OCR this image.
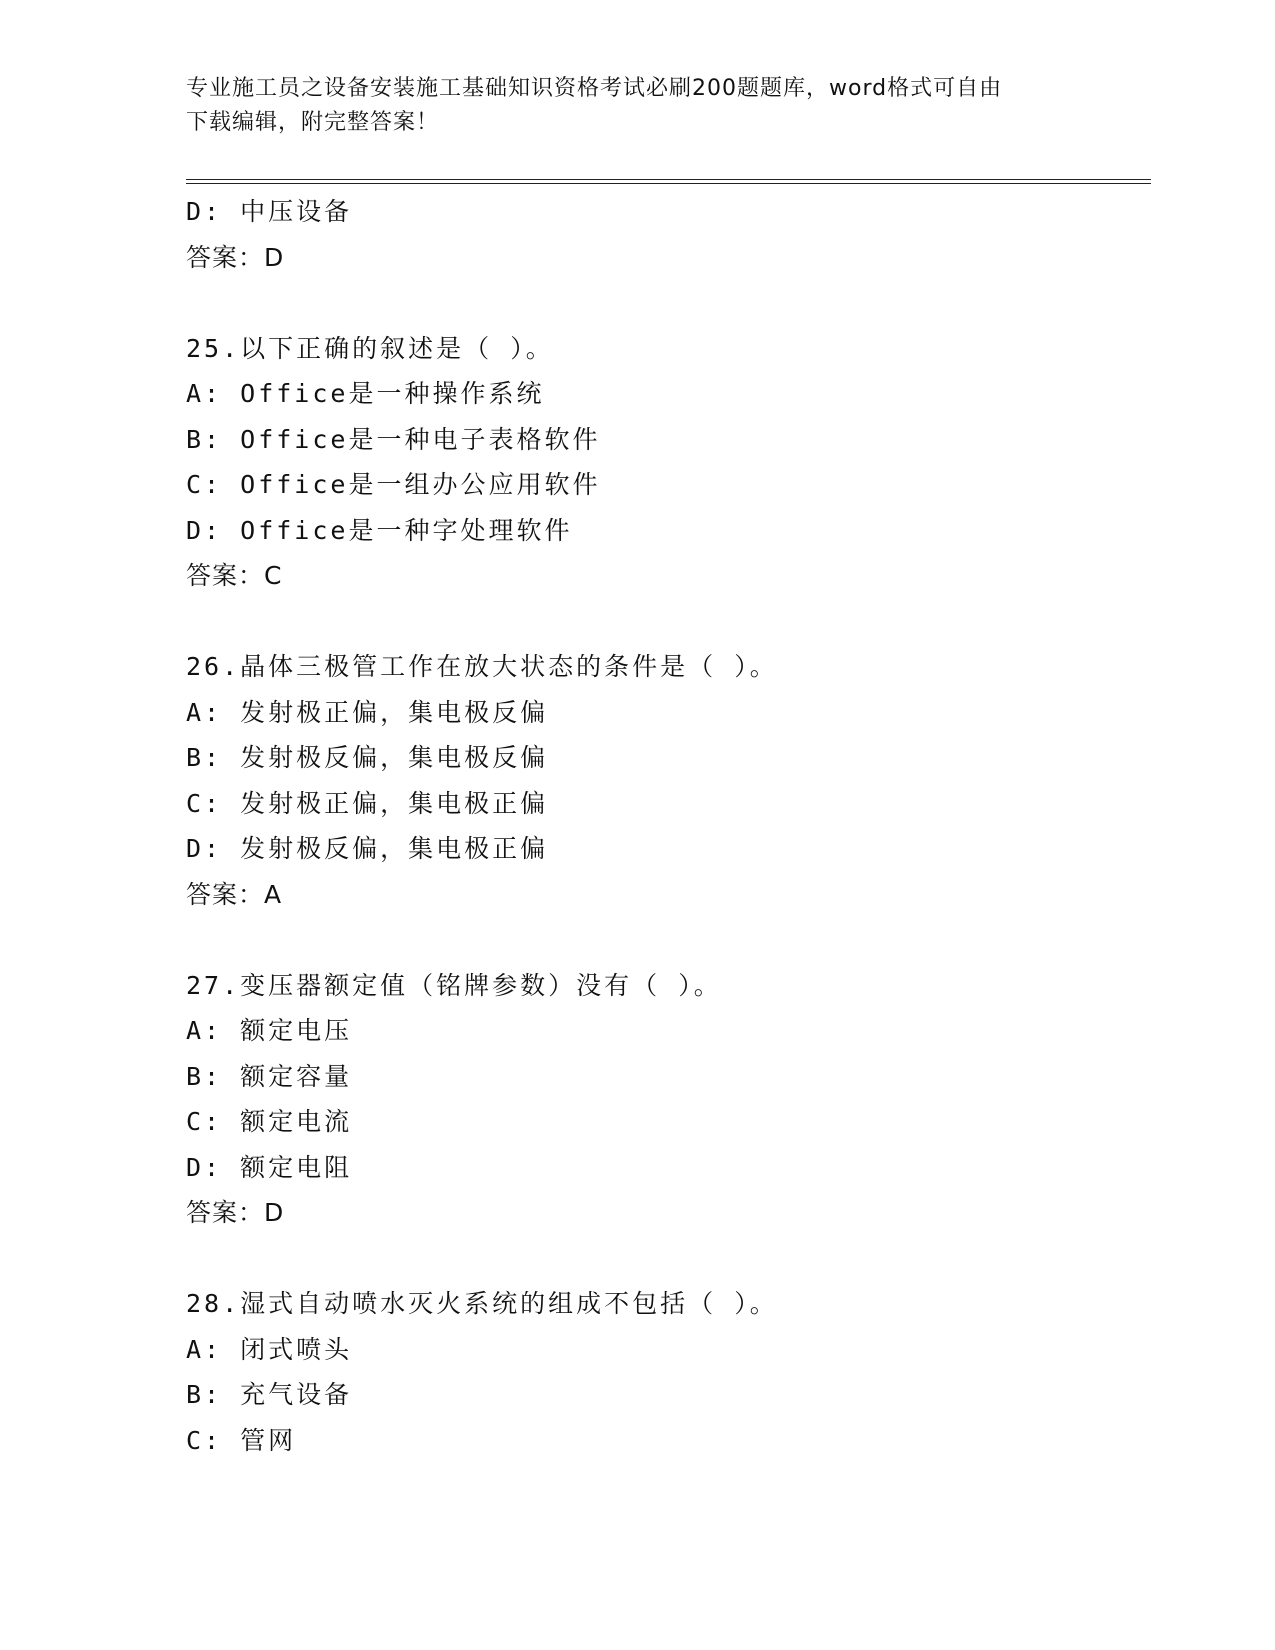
专业施工员之设备安装施工基础知识资格考试必刷200题题库，word格式可自由
下载编辑，附完整答案！
D: 中压设备
答案：D
25.以下正确的叙述是（ ）。
A: Office是一种操作系统
B: Office是一种电子表格软件
C: Office是一组办公应用软件
D: Office是一种字处理软件
答案：C
26.晶体三极管工作在放大状态的条件是（ ）。
A: 发射极正偏，集电极反偏
B: 发射极反偏，集电极反偏
C: 发射极正偏，集电极正偏
D: 发射极反偏，集电极正偏
答案：A
27.变压器额定值（铭牌参数）没有（ ）。
A: 额定电压
B: 额定容量
C: 额定电流
D: 额定电阻
答案：D
28.湿式自动喷水灭火系统的组成不包括（ ）。
A: 闭式喷头
B: 充气设备
C: 管网
